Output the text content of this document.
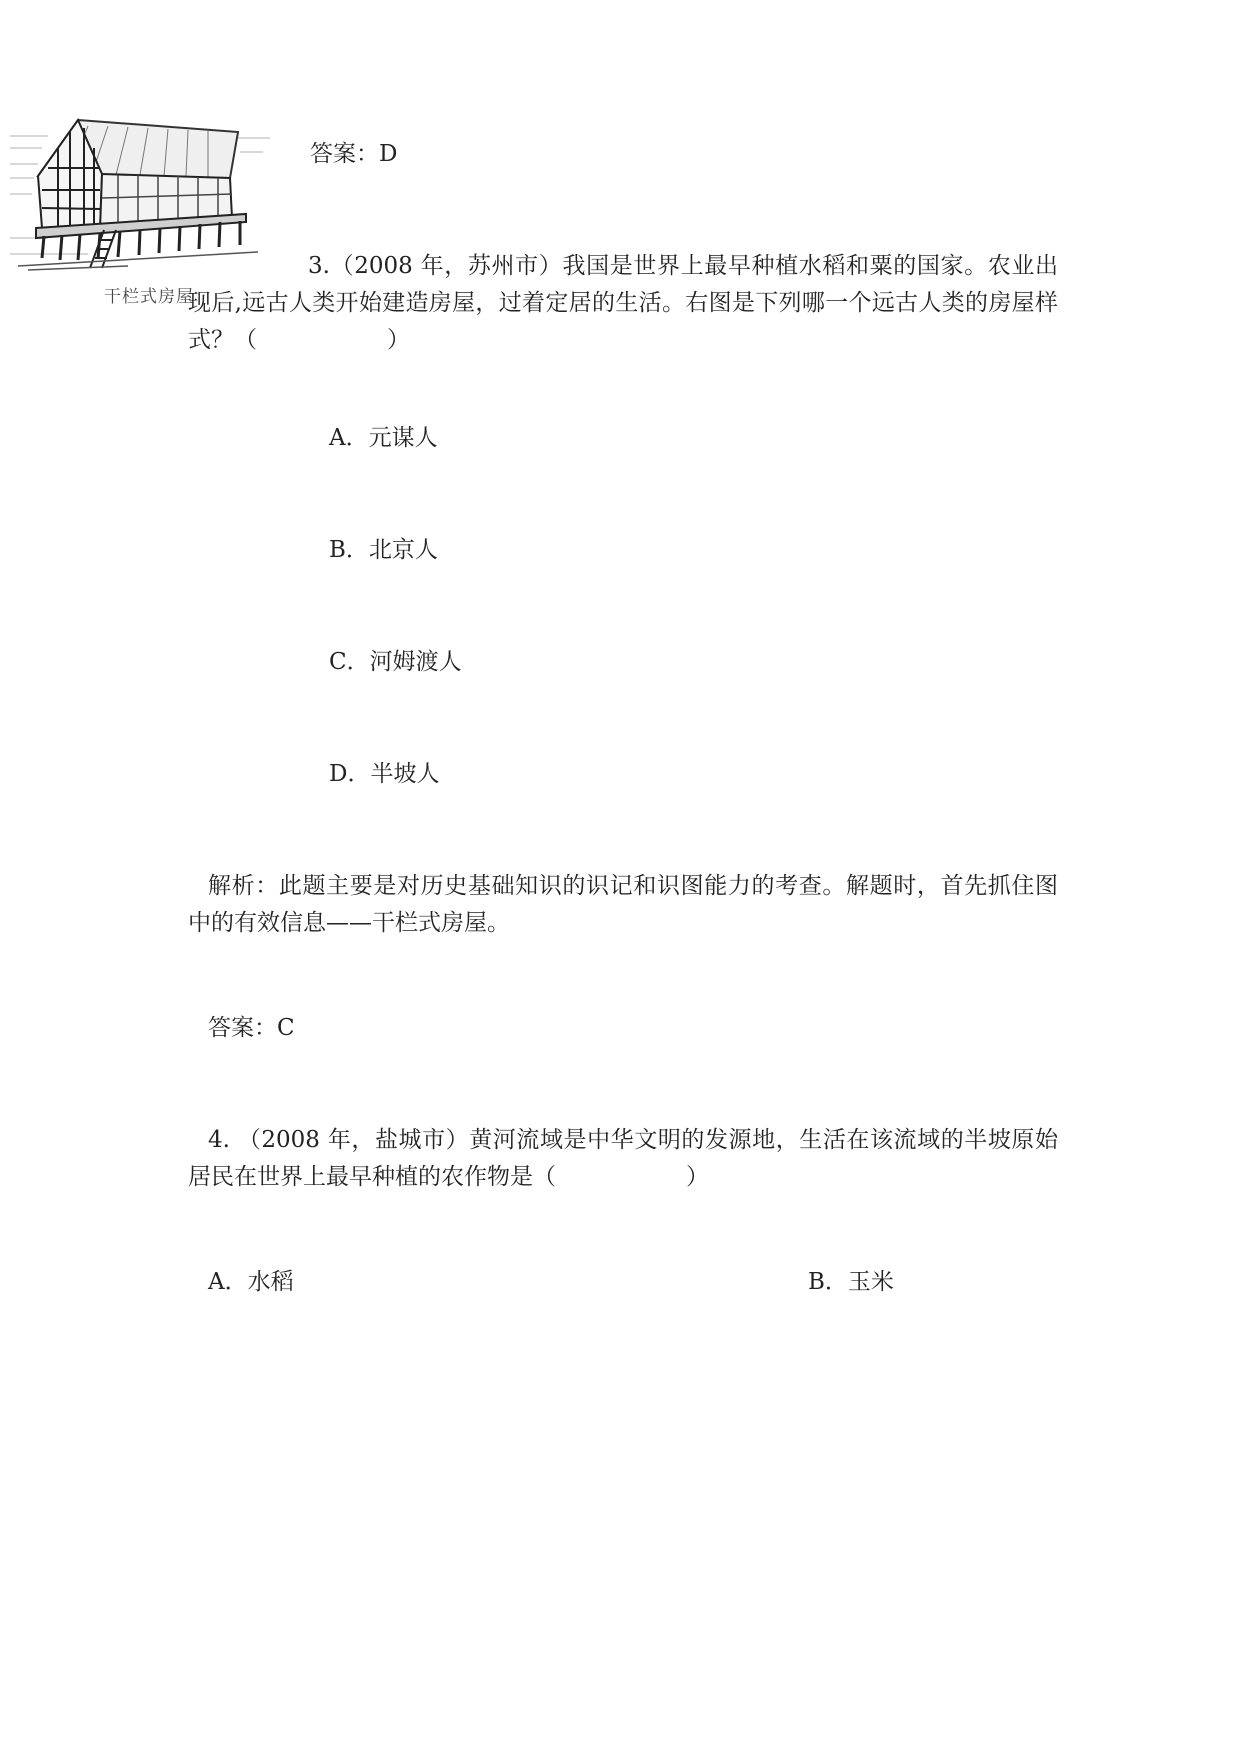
干栏式房屋
答案：D
3.（2008 年，苏州市）我国是世界上最早种植水稻和粟的国家。农业出现后,远古人类开始建造房屋，过着定居的生活。右图是下列哪一个远古人类的房屋样式？（	）
A．元谋人
B．北京人
C．河姆渡人
D．半坡人
解析：此题主要是对历史基础知识的识记和识图能力的考查。解题时，首先抓住图中的有效信息——干栏式房屋。
答案：C
4. （2008 年，盐城市）黄河流域是中华文明的发源地，生活在该流域的半坡原始居民在世界上最早种植的农作物是（	）
A．水稻	B．玉米
